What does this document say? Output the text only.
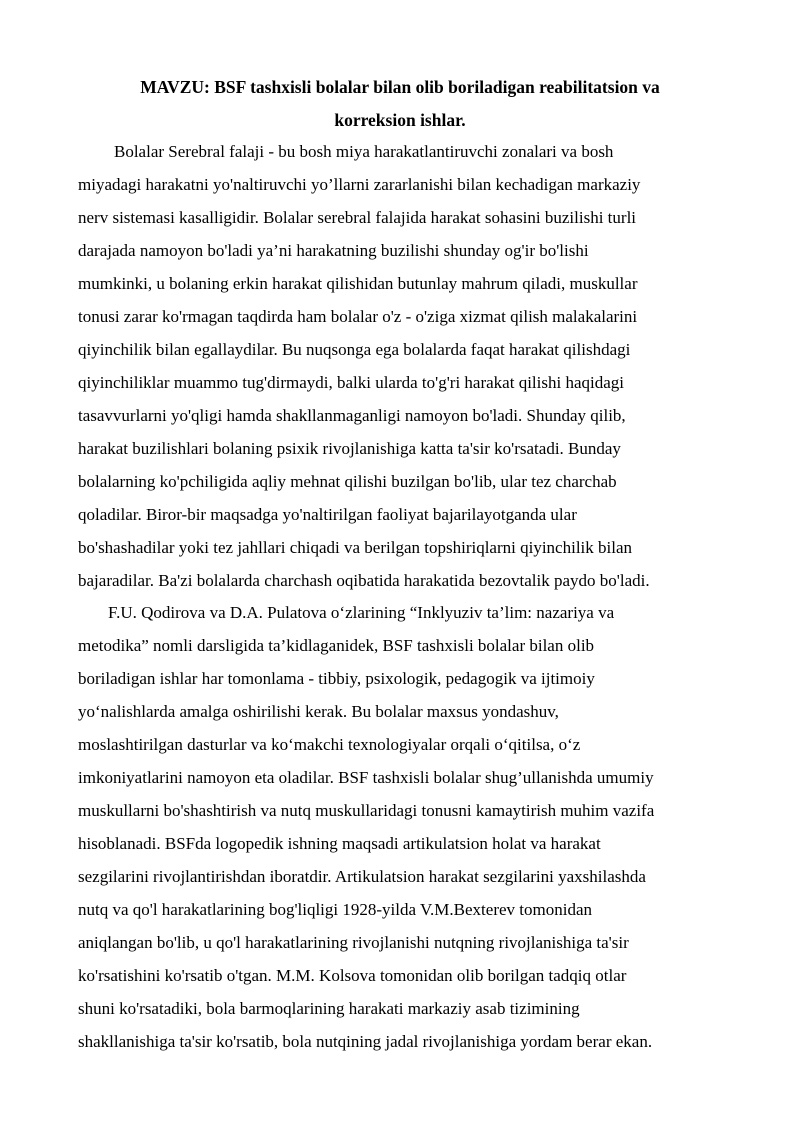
MAVZU: BSF tashxisli bolalar bilan olib boriladigan reabilitatsion va
korreksion ishlar.
Bolalar Serebral falaji - bu bosh miya harakatlantiruvchi zonalari va bosh
miyadagi harakatni yo'naltiruvchi yo’llarni zararlanishi bilan kechadigan markaziy
nerv sistemasi kasalligidir. Bolalar serebral falajida harakat sohasini buzilishi turli
darajada namoyon bo'ladi ya’ni harakatning buzilishi shunday og'ir bo'lishi
mumkinki, u bolaning erkin harakat qilishidan butunlay mahrum qiladi, muskullar
tonusi zarar ko'rmagan taqdirda ham bolalar o'z - o'ziga xizmat qilish malakalarini
qiyinchilik bilan egallaydilar. Bu nuqsonga ega bolalarda faqat harakat qilishdagi
qiyinchiliklar muammo tug'dirmaydi, balki ularda to'g'ri harakat qilishi haqidagi
tasavvurlarni yo'qligi hamda shakllanmaganligi namoyon bo'ladi. Shunday qilib,
harakat buzilishlari bolaning psixik rivojlanishiga katta ta'sir ko'rsatadi. Bunday
bolalarning ko'pchiligida aqliy mehnat qilishi buzilgan bo'lib, ular tez charchab
qoladilar. Biror-bir maqsadga yo'naltirilgan faoliyat bajarilayotganda ular
bo'shashadilar yoki tez jahllari chiqadi va berilgan topshiriqlarni qiyinchilik bilan
bajaradilar. Ba'zi bolalarda charchash oqibatida harakatida bezovtalik paydo bo'ladi.
F.U. Qodirova va D.A. Pulatova o‘zlarining “Inklyuziv ta’lim: nazariya va
metodika” nomli darsligida ta’kidlaganidek, BSF tashxisli bolalar bilan olib
boriladigan ishlar har tomonlama - tibbiy, psixologik, pedagogik va ijtimoiy
yo‘nalishlarda amalga oshirilishi kerak. Bu bolalar maxsus yondashuv,
moslashtirilgan dasturlar va ko‘makchi texnologiyalar orqali o‘qitilsa, o‘z
imkoniyatlarini namoyon eta oladilar. BSF tashxisli bolalar shug’ullanishda umumiy
muskullarni bo'shashtirish va nutq muskullaridagi tonusni kamaytirish muhim vazifa
hisoblanadi. BSFda logopedik ishning maqsadi artikulatsion holat va harakat
sezgilarini rivojlantirishdan iboratdir. Artikulatsion harakat sezgilarini yaxshilashda
nutq va qo'l harakatlarining bog'liqligi 1928-yilda V.M.Bexterev tomonidan
aniqlangan bo'lib, u qo'l harakatlarining rivojlanishi nutqning rivojlanishiga ta'sir
ko'rsatishini ko'rsatib o'tgan. M.M. Kolsova tomonidan olib borilgan tadqiq otlar
shuni ko'rsatadiki, bola barmoqlarining harakati markaziy asab tizimining
shakllanishiga ta'sir ko'rsatib, bola nutqining jadal rivojlanishiga yordam berar ekan.
